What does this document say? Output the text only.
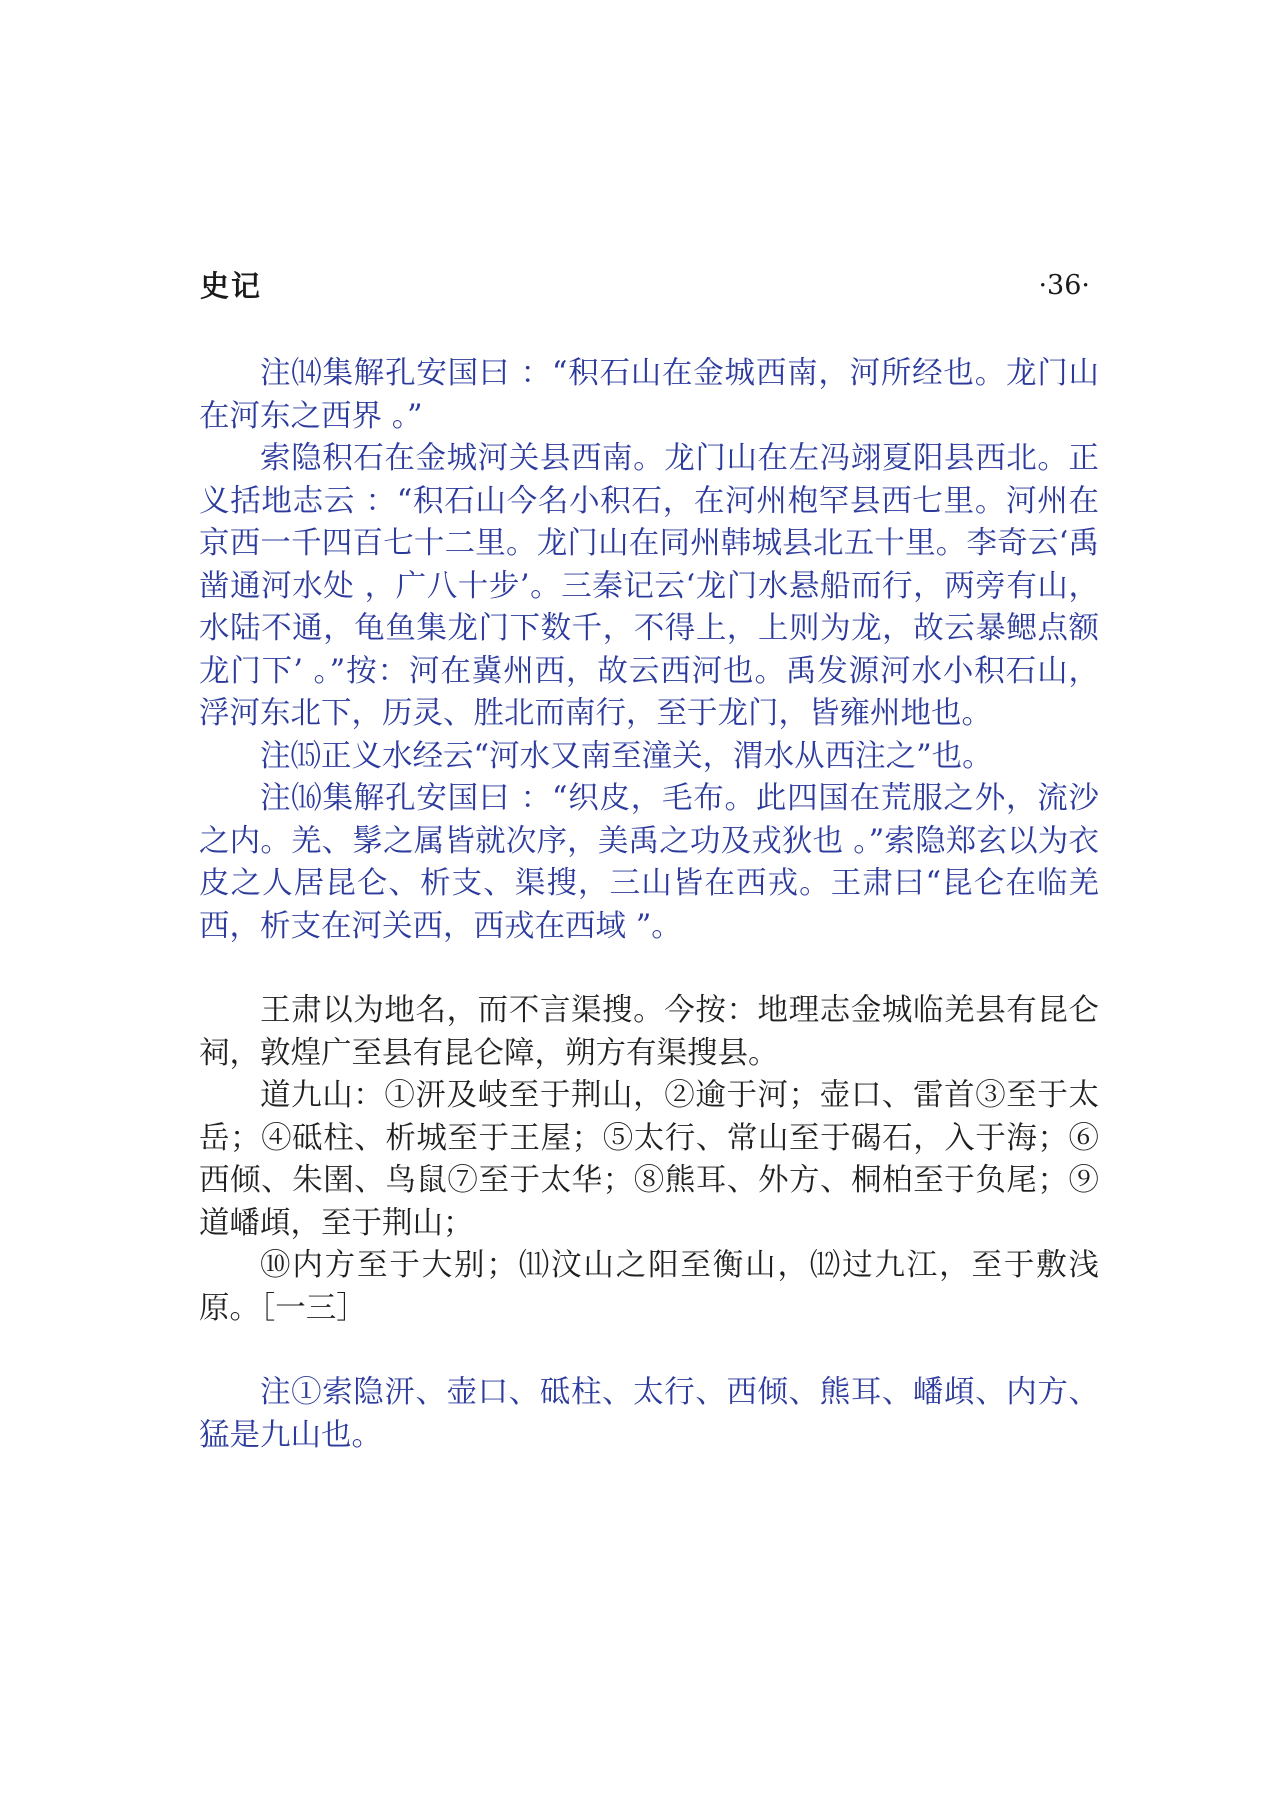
史记	·36·

注⒁集解孔安国曰 ：“积石山在金城西南，河所经也。龙门山在河东之西界 。”

索隐积石在金城河关县西南。龙门山在左冯翊夏阳县西北。正义括地志云 ：“积石山今名小积石，在河州枹罕县西七里。河州在京西一千四百七十二里。龙门山在同州韩城县北五十里。李奇云‘禹凿通河水处 ，广八十步’。三秦记云‘龙门水悬船而行，两旁有山，水陆不通，龟鱼集龙门下数千，不得上，上则为龙，故云暴鳃点额龙门下’ 。”按：河在冀州西，故云西河也。禹发源河水小积石山，浮河东北下，历灵、胜北而南行，至于龙门，皆雍州地也。

注⒂正义水经云“河水又南至潼关，渭水从西注之”也。

注⒃集解孔安国曰 ：“织皮，毛布。此四国在荒服之外，流沙之内。羌、髳之属皆就次序，美禹之功及戎狄也 。”索隐郑玄以为衣皮之人居昆仑、析支、渠搜，三山皆在西戎。王肃曰“昆仑在临羌西，析支在河关西，西戎在西域 ”。

王肃以为地名，而不言渠搜。今按：地理志金城临羌县有昆仑祠，敦煌广至县有昆仑障，朔方有渠搜县。

道九山：①汧及岐至于荆山，②逾于河；壶口、雷首③至于太岳；④砥柱、析城至于王屋；⑤太行、常山至于碣石，入于海；⑥西倾、朱圉、鸟鼠⑦至于太华；⑧熊耳、外方、桐柏至于负尾；⑨道嶓頉，至于荆山；

⑩内方至于大别；⑾汶山之阳至衡山，⑿过九江，至于敷浅原。［一三］

注①索隐汧、壶口、砥柱、太行、西倾、熊耳、嶓頉、内方、猛是九山也。
